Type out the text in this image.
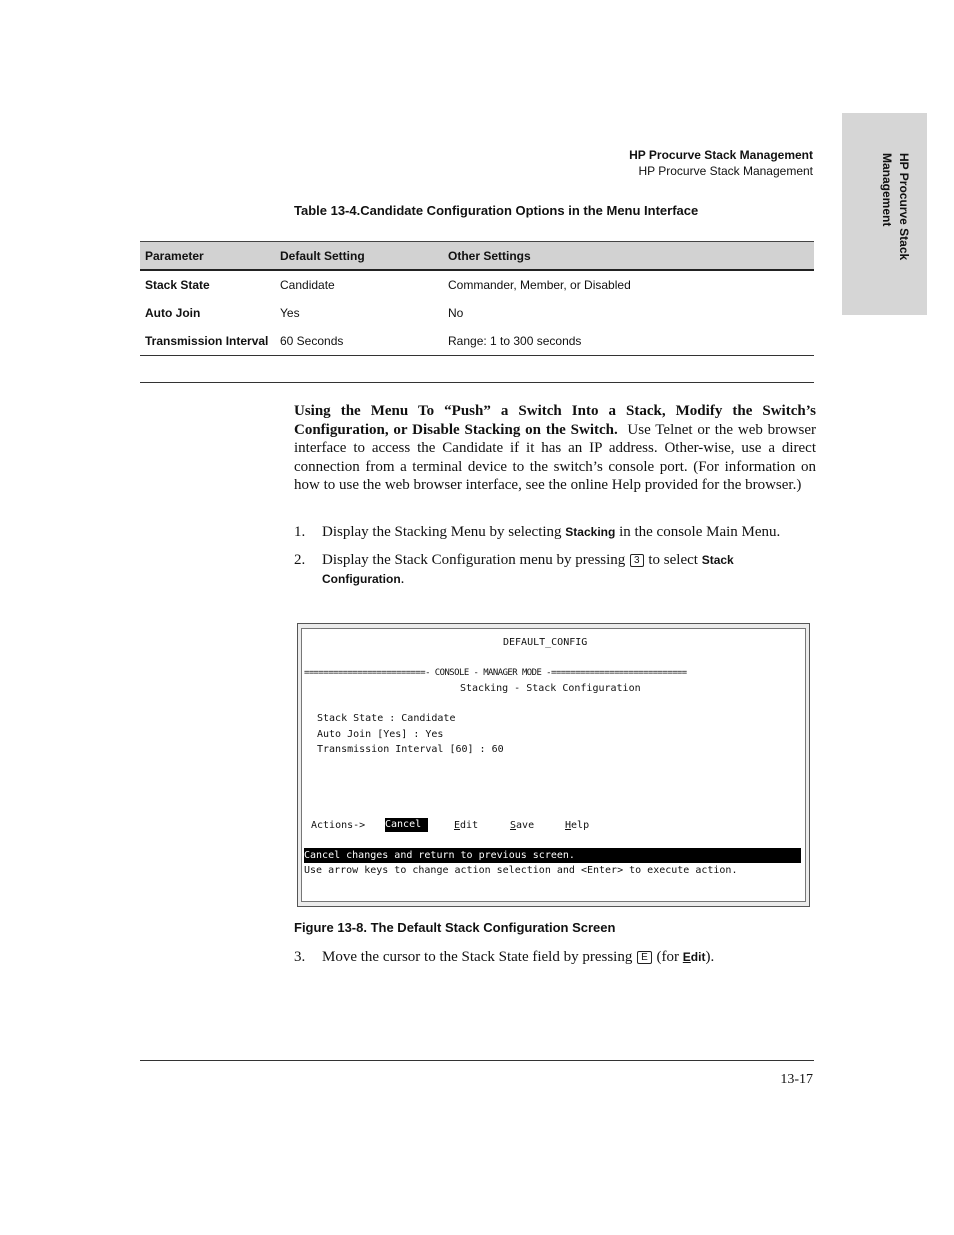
HP Procurve Stack
Management
HP Procurve Stack Management
HP Procurve Stack Management
Table 13-4.Candidate Configuration Options in the Menu Interface
Parameter	Default Setting	Other Settings
Stack State	Candidate	Commander, Member, or Disabled
Auto Join	Yes	No
Transmission Interval	60 Seconds	Range: 1 to 300 seconds
Using the Menu To “Push” a Switch Into a Stack, Modify the Switch’s Configuration, or Disable Stacking on the Switch. Use Telnet or the web browser interface to access the Candidate if it has an IP address. Other-wise, use a direct connection from a terminal device to the switch’s console port. (For information on how to use the web browser interface, see the online Help provided for the browser.)
1. Display the Stacking Menu by selecting Stacking in the console Main Menu.
2. Display the Stack Configuration menu by pressing 3 to select Stack Configuration.
DEFAULT_CONFIG
=========================- CONSOLE - MANAGER MODE -============================
Stacking - Stack Configuration
Stack State : Candidate
Auto Join [Yes] : Yes
Transmission Interval [60] : 60
Actions-> Cancel	Edit	Save	Help
Cancel changes and return to previous screen.
Use arrow keys to change action selection and <Enter> to execute action.
Figure 13-8. The Default Stack Configuration Screen
3. Move the cursor to the Stack State field by pressing E (for Edit).
13-17
